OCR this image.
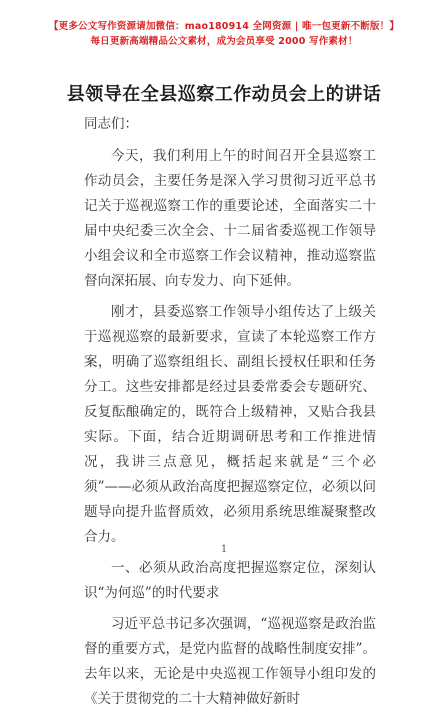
【更多公文写作资源请加微信：mao180914 全网资源 | 唯一包更新不断版！】
每日更新高端精品公文素材，成为会员享受 2000 写作素材！
县领导在全县巡察工作动员会上的讲话
同志们：

今天，我们利用上午的时间召开全县巡察工作动员会，主要任务是深入学习贯彻习近平总书记关于巡视巡察工作的重要论述，全面落实二十届中央纪委三次全会、十二届省委巡视工作领导小组会议和全市巡察工作会议精神，推动巡察监督向深拓展、向专发力、向下延伸。

刚才，县委巡察工作领导小组传达了上级关于巡视巡察的最新要求，宣读了本轮巡察工作方案，明确了巡察组组长、副组长授权任职和任务分工。这些安排都是经过县委常委会专题研究、反复酝酿确定的，既符合上级精神，又贴合我县实际。下面，结合近期调研思考和工作推进情况，我讲三点意见，概括起来就是“三个必须”——必须从政治高度把握巡察定位，必须以问题导向提升监督质效，必须用系统思维凝聚整改合力。

一、必须从政治高度把握巡察定位，深刻认识“为何巡”的时代要求

习近平总书记多次强调，“巡视巡察是政治监督的重要方式，是党内监督的战略性制度安排”。去年以来，无论是中央巡视工作领导小组印发的《关于贯彻党的二十大精神做好新时

1
